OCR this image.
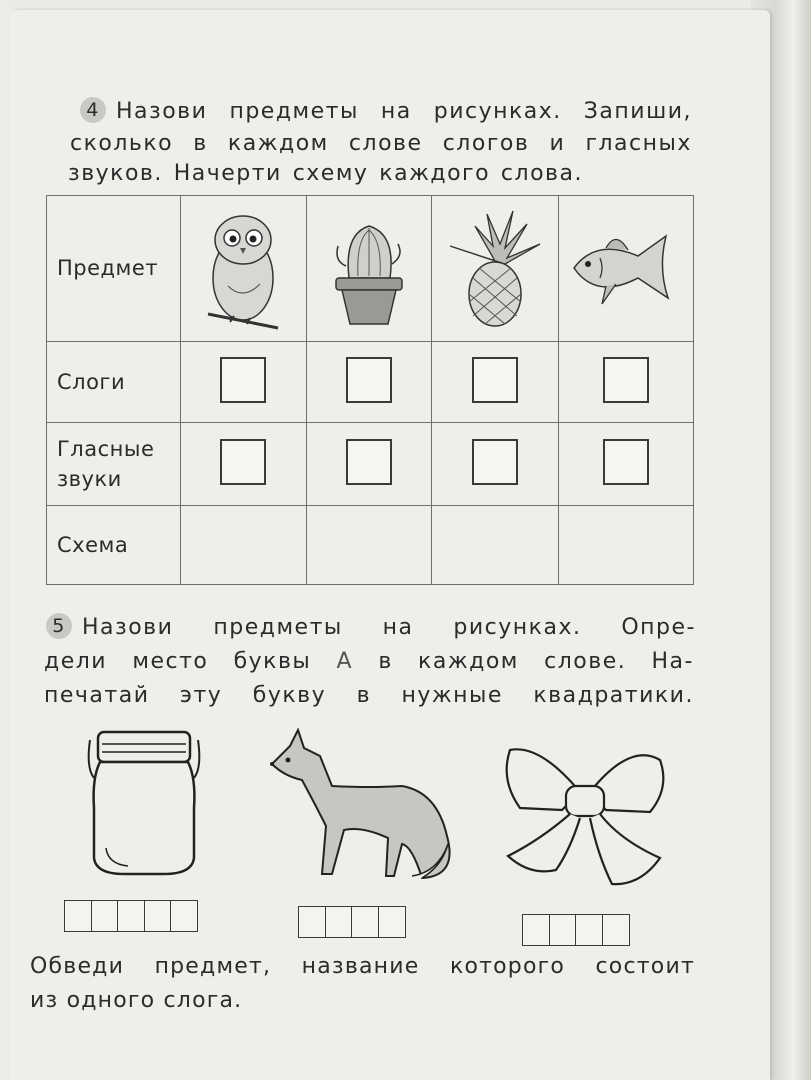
4 Назови предметы на рисунках. Запиши,
сколько в каждом слове слогов и гласных
звуков. Начерти схему каждого слова.
Предмет	

Слоги				
Гласные
звуки				
Схема				
5 Назови предметы на рисунках. Опре-
дели место буквы А в каждом слове. На-
печатай эту букву в нужные квадратики.
Обведи предмет, название которого состоит
из одного слога.
